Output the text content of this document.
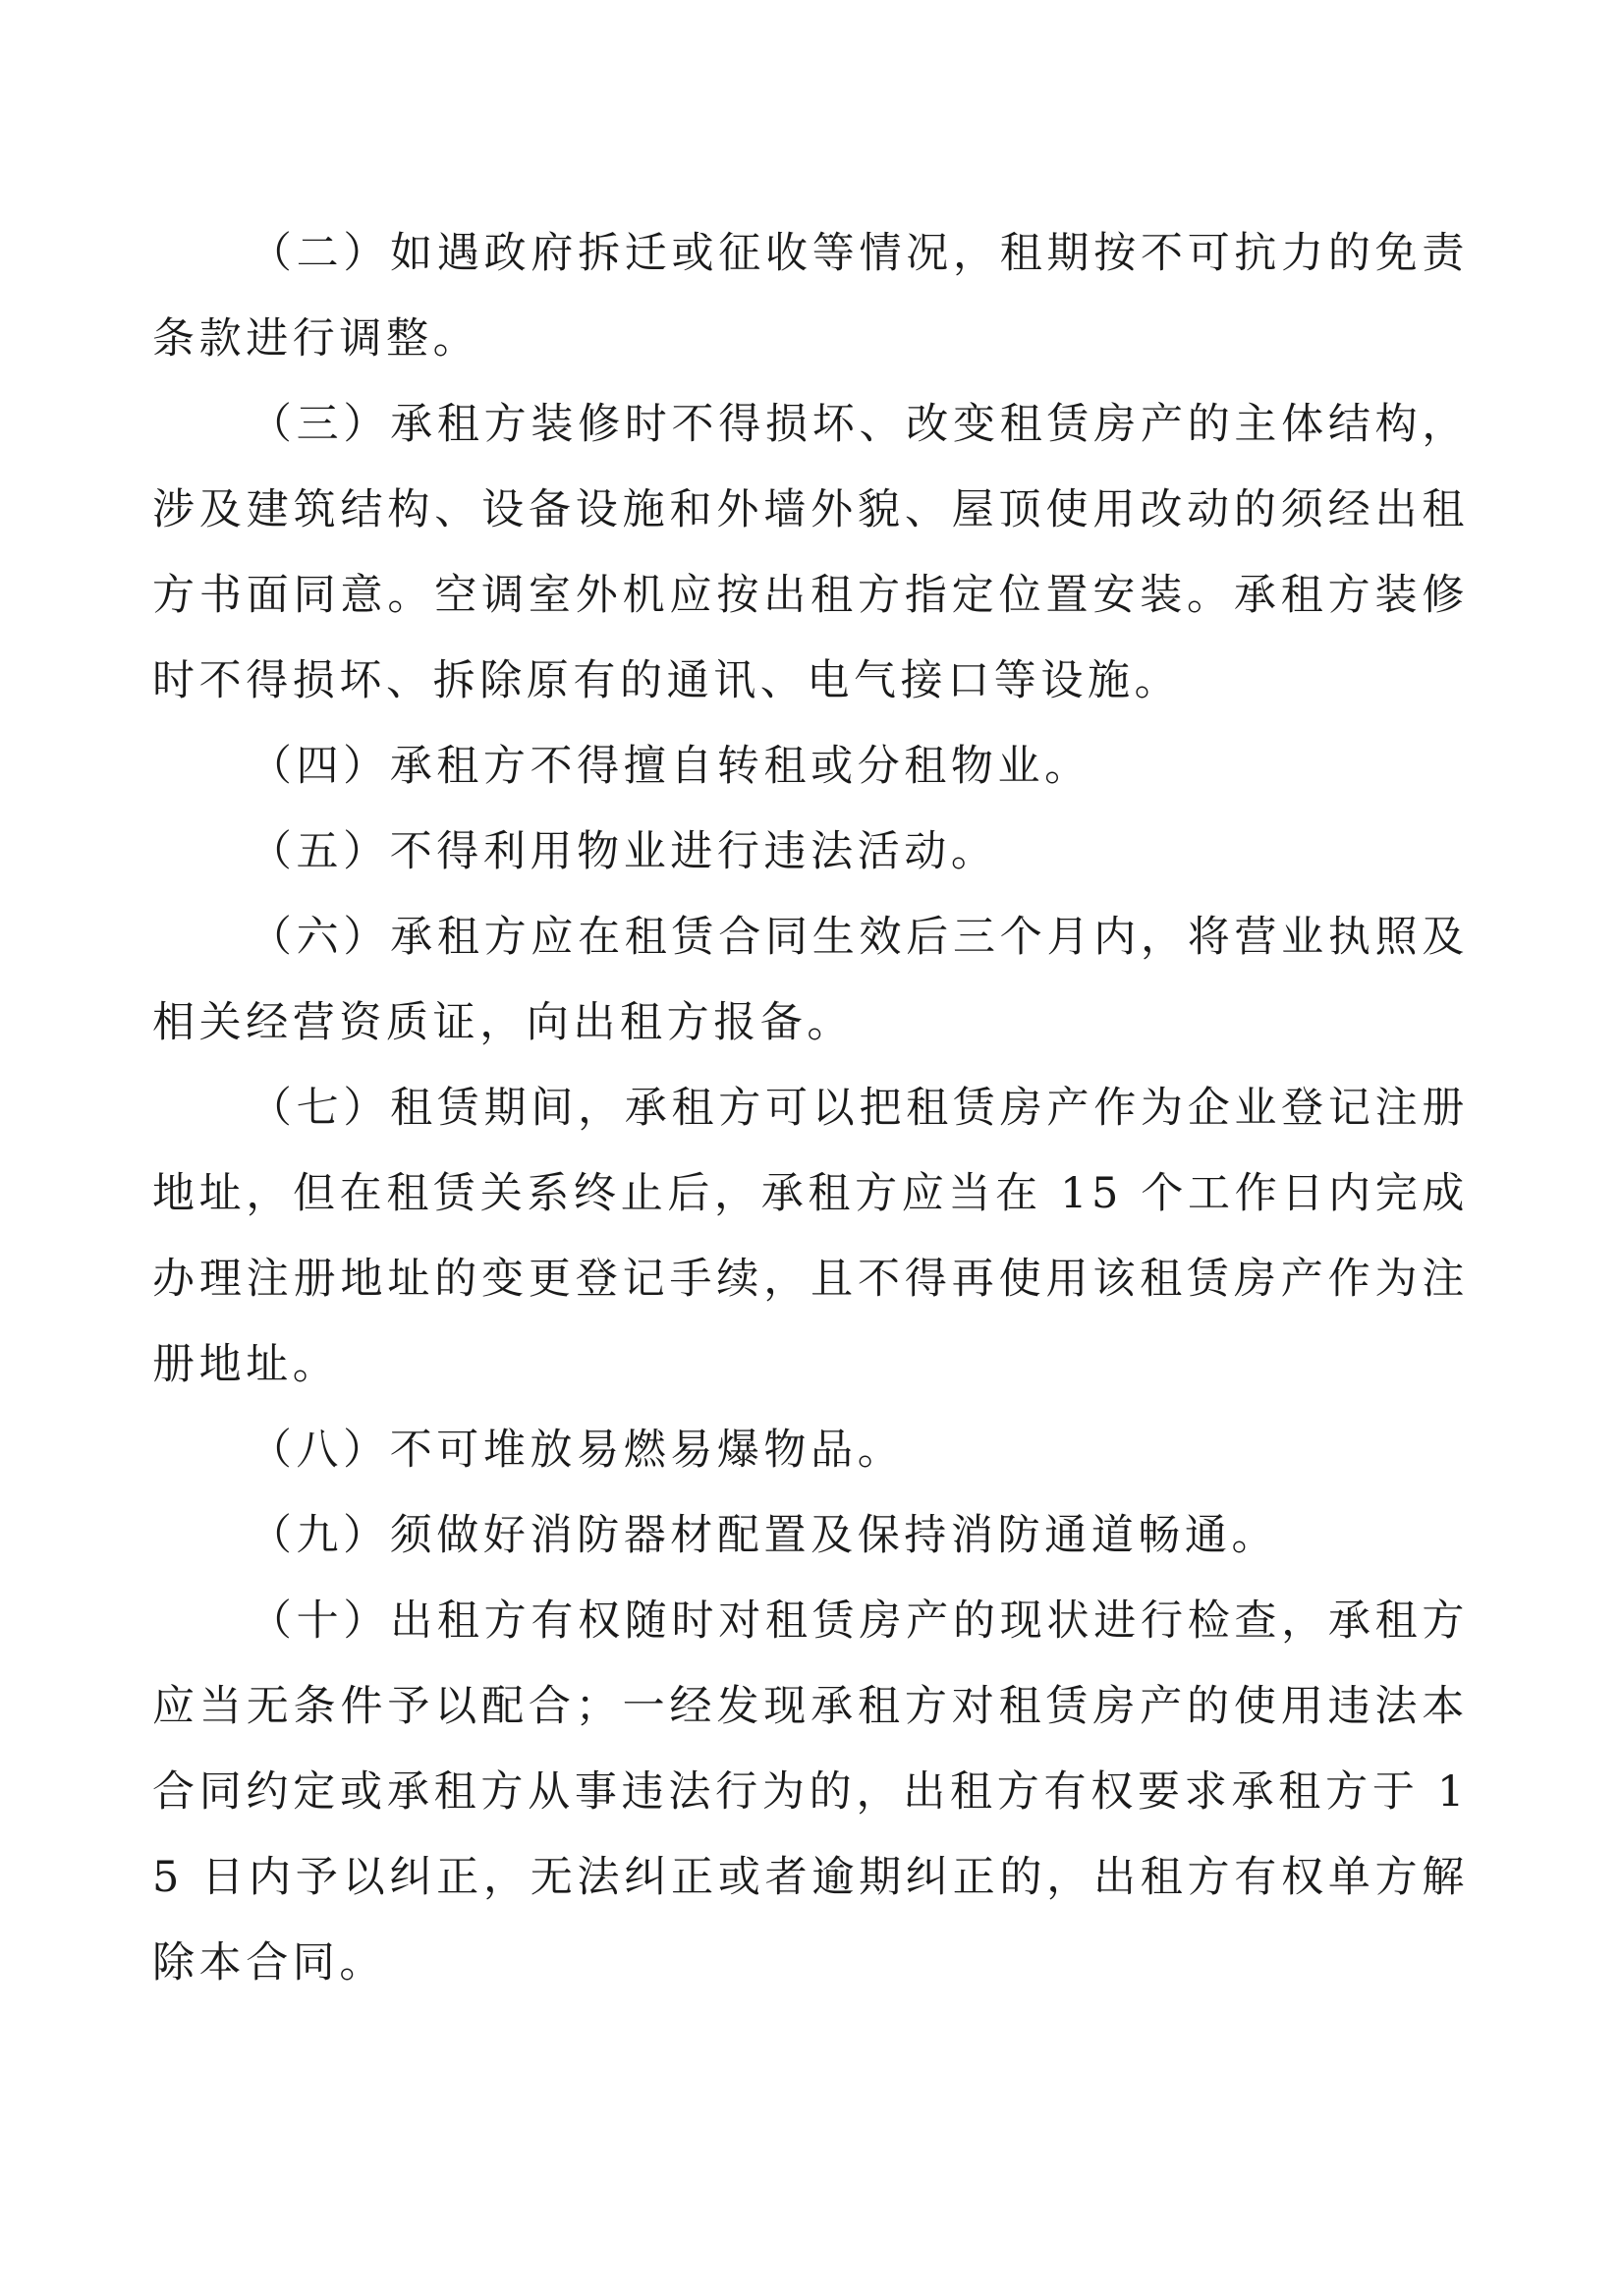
（二）如遇政府拆迁或征收等情况，租期按不可抗力的免责条款进行调整。

（三）承租方装修时不得损坏、改变租赁房产的主体结构，涉及建筑结构、设备设施和外墙外貌、屋顶使用改动的须经出租方书面同意。空调室外机应按出租方指定位置安装。承租方装修时不得损坏、拆除原有的通讯、电气接口等设施。

（四）承租方不得擅自转租或分租物业。

（五）不得利用物业进行违法活动。

（六）承租方应在租赁合同生效后三个月内，将营业执照及相关经营资质证，向出租方报备。

（七）租赁期间，承租方可以把租赁房产作为企业登记注册地址，但在租赁关系终止后，承租方应当在 15 个工作日内完成办理注册地址的变更登记手续，且不得再使用该租赁房产作为注册地址。

（八）不可堆放易燃易爆物品。

（九）须做好消防器材配置及保持消防通道畅通。

（十）出租方有权随时对租赁房产的现状进行检查，承租方应当无条件予以配合；一经发现承租方对租赁房产的使用违法本合同约定或承租方从事违法行为的，出租方有权要求承租方于 15 日内予以纠正，无法纠正或者逾期纠正的，出租方有权单方解除本合同。
